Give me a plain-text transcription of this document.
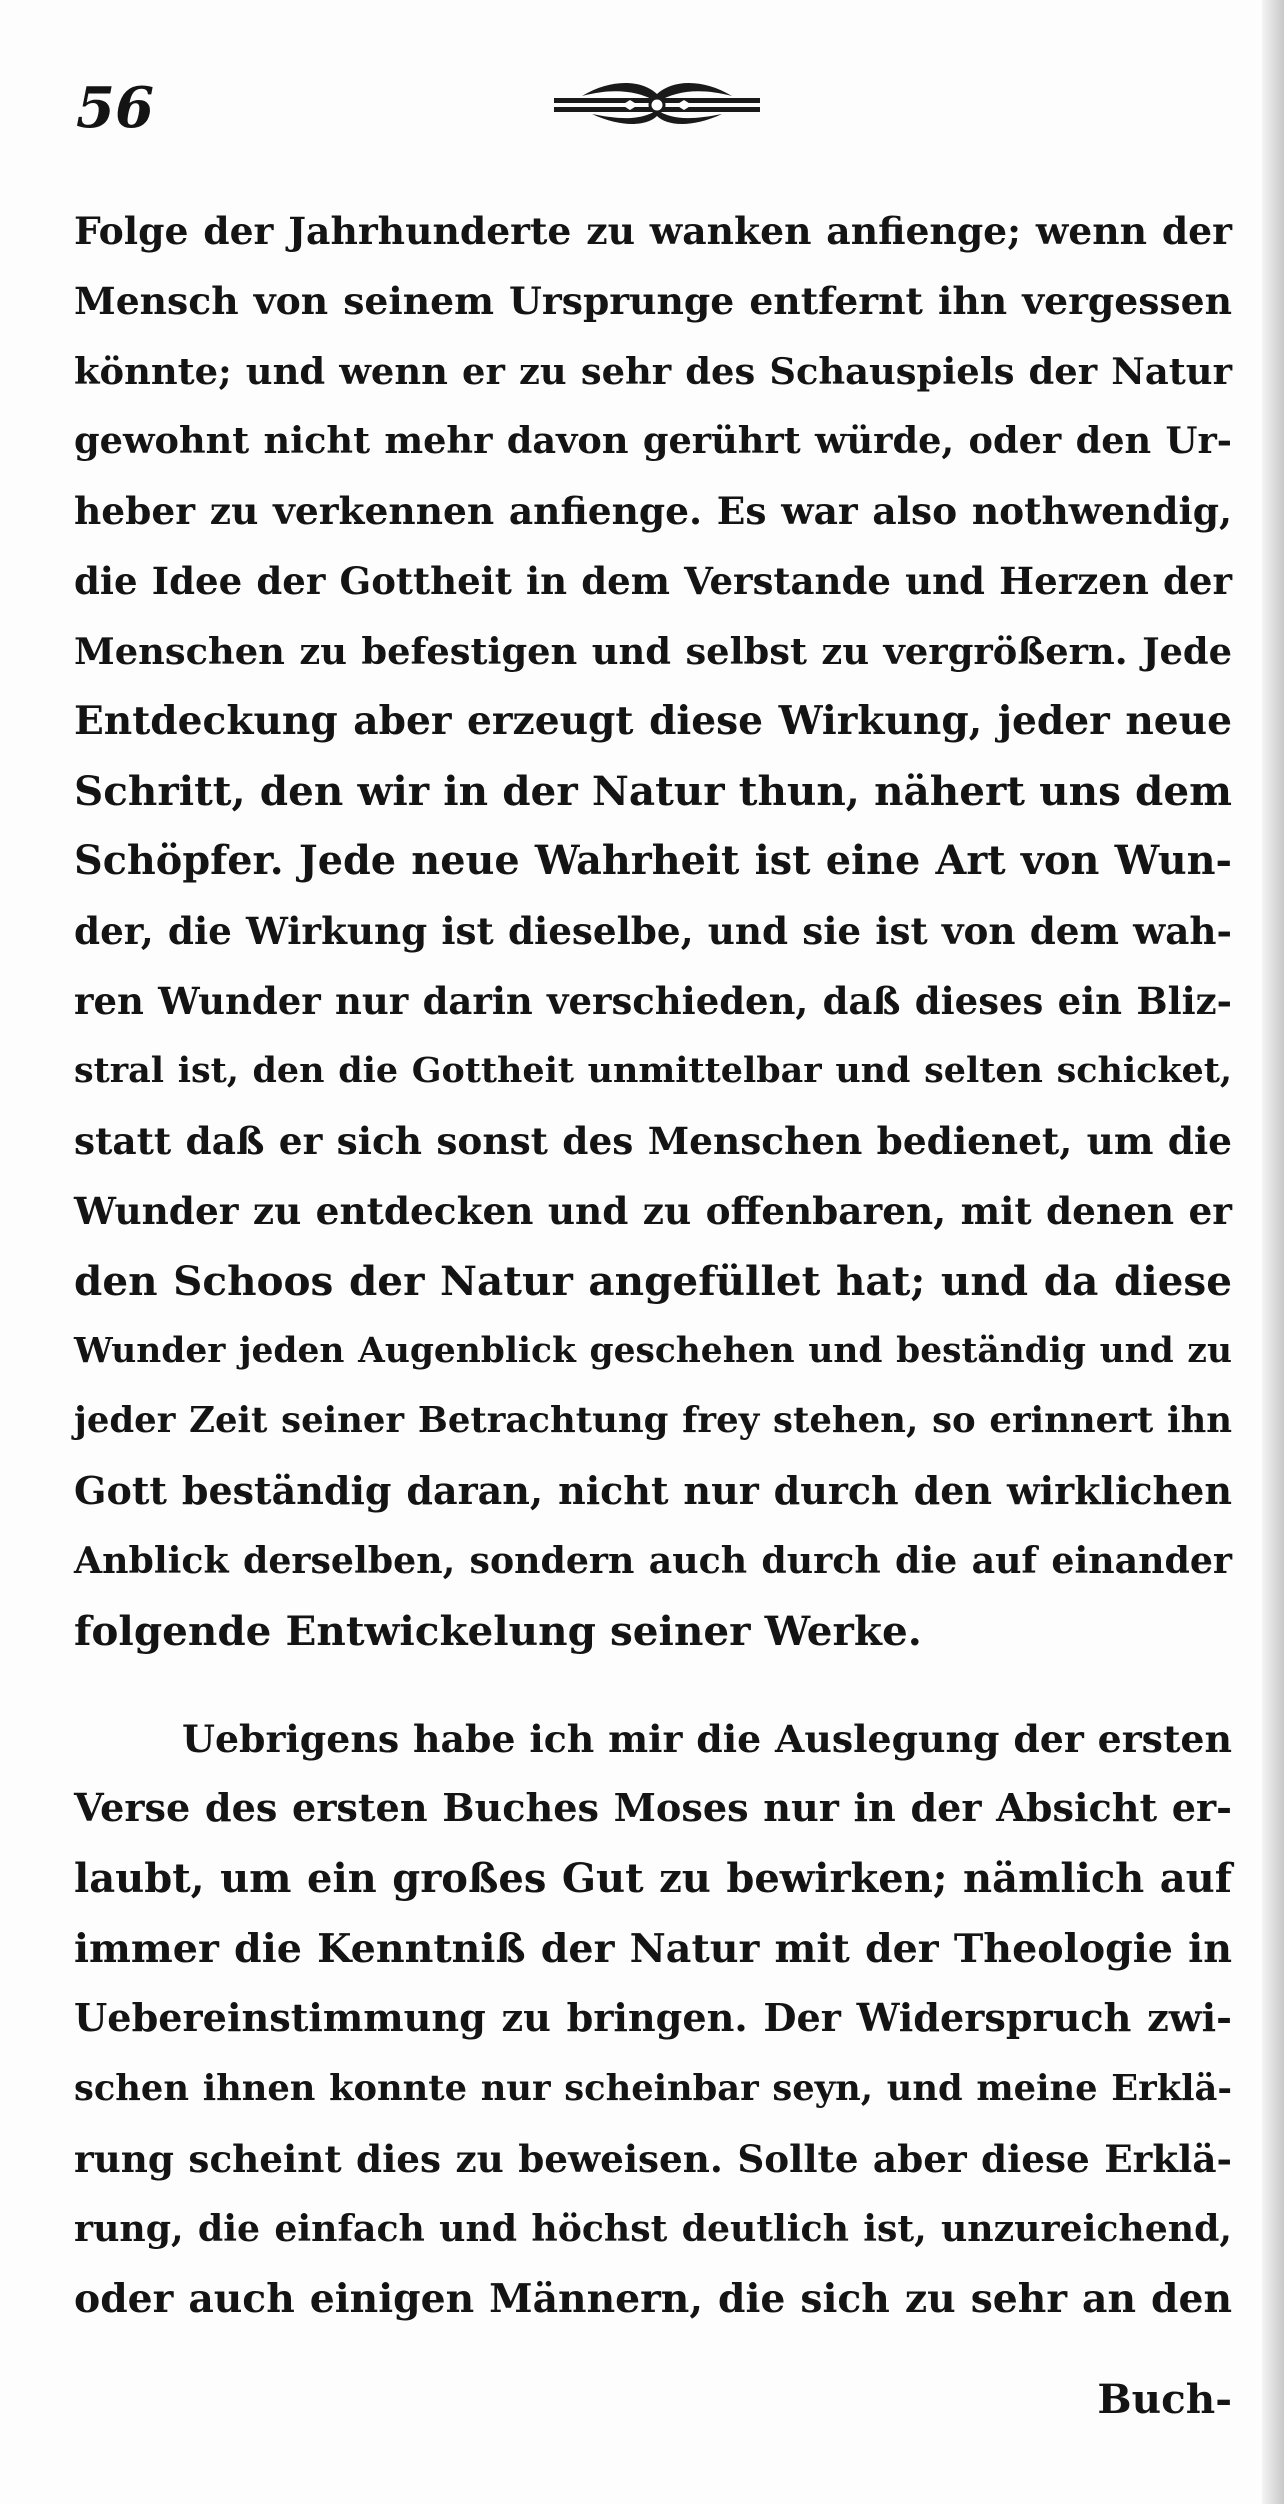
56
Folge der Jahrhunderte zu wanken anfienge; wenn der
Mensch von seinem Ursprunge entfernt ihn vergessen
könnte; und wenn er zu sehr des Schauspiels der Natur
gewohnt nicht mehr davon gerührt würde, oder den Ur-
heber zu verkennen anfienge. Es war also nothwendig,
die Idee der Gottheit in dem Verstande und Herzen der
Menschen zu befestigen und selbst zu vergrößern. Jede
Entdeckung aber erzeugt diese Wirkung, jeder neue
Schritt, den wir in der Natur thun, nähert uns dem
Schöpfer. Jede neue Wahrheit ist eine Art von Wun-
der, die Wirkung ist dieselbe, und sie ist von dem wah-
ren Wunder nur darin verschieden, daß dieses ein Bliz-
stral ist, den die Gottheit unmittelbar und selten schicket,
statt daß er sich sonst des Menschen bedienet, um die
Wunder zu entdecken und zu offenbaren, mit denen er
den Schoos der Natur angefüllet hat; und da diese
Wunder jeden Augenblick geschehen und beständig und zu
jeder Zeit seiner Betrachtung frey stehen, so erinnert ihn
Gott beständig daran, nicht nur durch den wirklichen
Anblick derselben, sondern auch durch die auf einander
folgende Entwickelung seiner Werke.
Uebrigens habe ich mir die Auslegung der ersten
Verse des ersten Buches Moses nur in der Absicht er-
laubt, um ein großes Gut zu bewirken; nämlich auf
immer die Kenntniß der Natur mit der Theologie in
Uebereinstimmung zu bringen. Der Widerspruch zwi-
schen ihnen konnte nur scheinbar seyn, und meine Erklä-
rung scheint dies zu beweisen. Sollte aber diese Erklä-
rung, die einfach und höchst deutlich ist, unzureichend,
oder auch einigen Männern, die sich zu sehr an den
Buch-
